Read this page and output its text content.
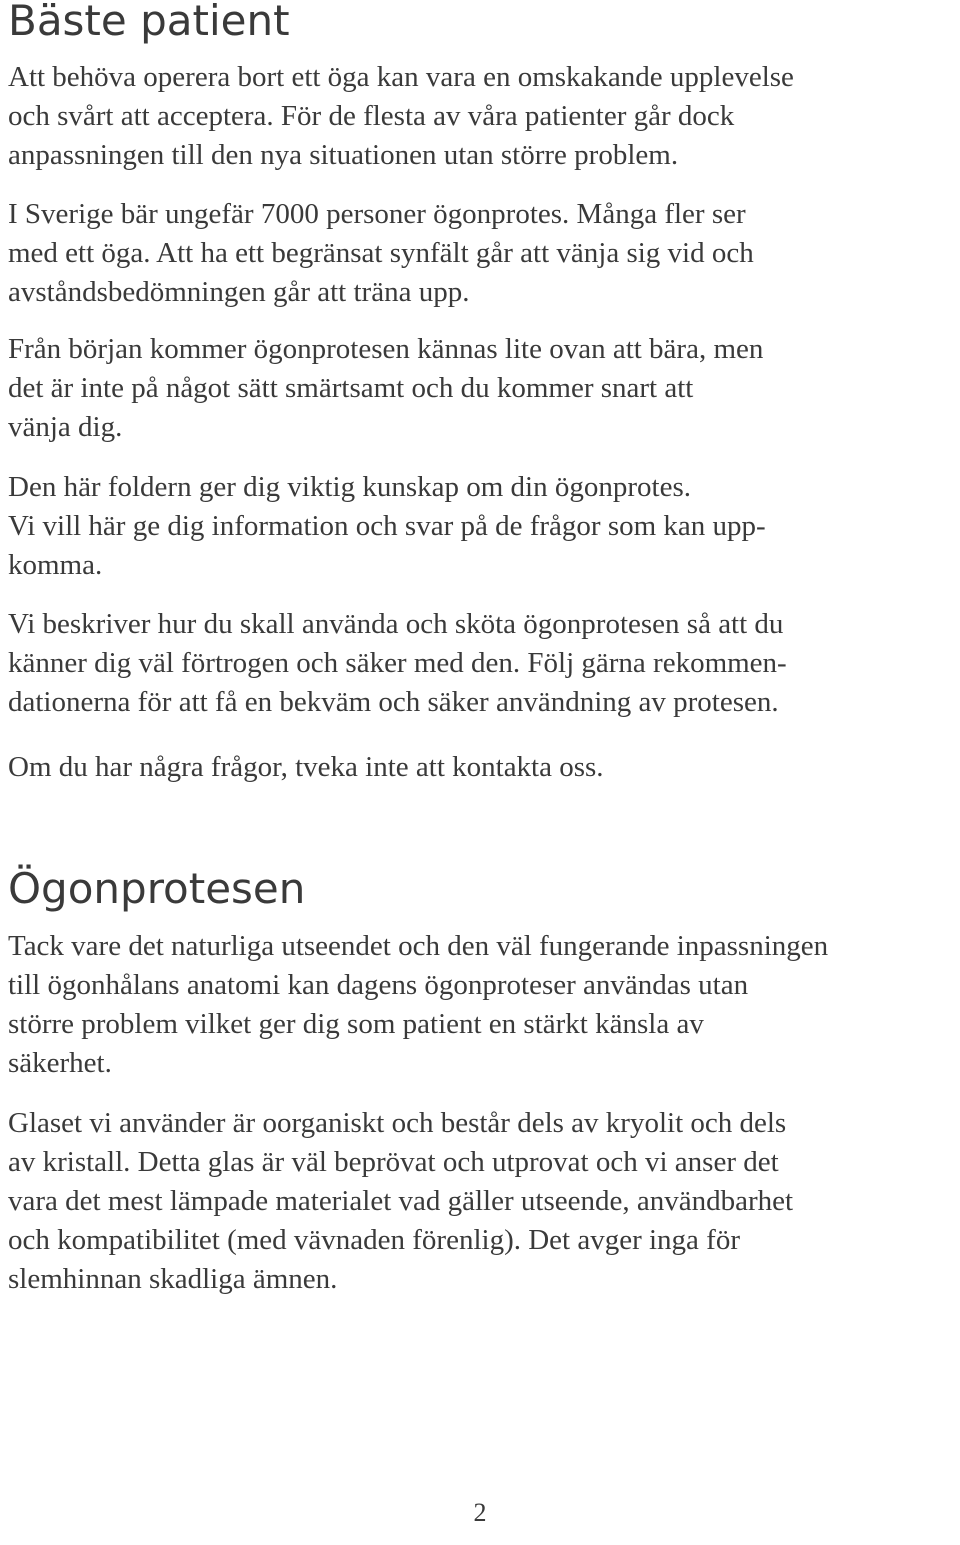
Bäste patient

Att behöva operera bort ett öga kan vara en omskakande upplevelse
och svårt att acceptera. För de flesta av våra patienter går dock
anpassningen till den nya situationen utan större problem.

I Sverige bär ungefär 7000 personer ögonprotes. Många fler ser
med ett öga. Att ha ett begränsat synfält går att vänja sig vid och
avståndsbedömningen går att träna upp.

Från början kommer ögonprotesen kännas lite ovan att bära, men
det är inte på något sätt smärtsamt och du kommer snart att
vänja dig.

Den här foldern ger dig viktig kunskap om din ögonprotes.
Vi vill här ge dig information och svar på de frågor som kan upp-
komma.

Vi beskriver hur du skall använda och sköta ögonprotesen så att du
känner dig väl förtrogen och säker med den. Följ gärna rekommen-
dationerna för att få en bekväm och säker användning av protesen.

Om du har några frågor, tveka inte att kontakta oss.

Ögonprotesen

Tack vare det naturliga utseendet och den väl fungerande inpassningen
till ögonhålans anatomi kan dagens ögonproteser användas utan
större problem vilket ger dig som patient en stärkt känsla av
säkerhet.

Glaset vi använder är oorganiskt och består dels av kryolit och dels
av kristall. Detta glas är väl beprövat och utprovat och vi anser det
vara det mest lämpade materialet vad gäller utseende, användbarhet
och kompatibilitet (med vävnaden förenlig). Det avger inga för
slemhinnan skadliga ämnen.

2
